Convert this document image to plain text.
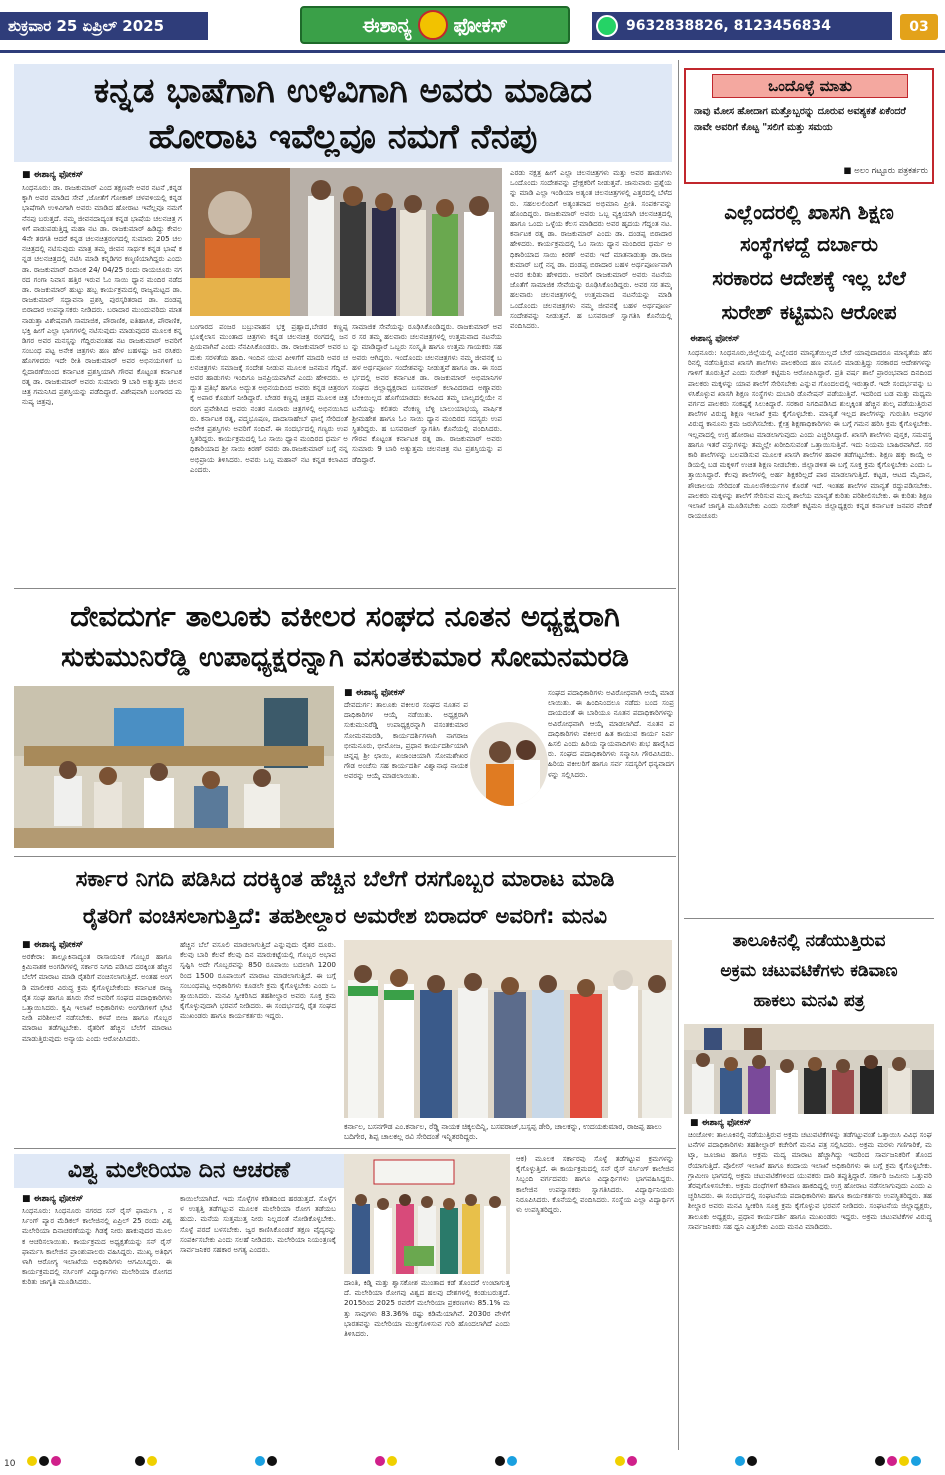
ಶುಕ್ರವಾರ 25 ಏಪ್ರಿಲ್ 2025	ಈಶಾನ್ಯ ಫೋಕಸ್	9632838826, 8123456834	03
ಕನ್ನಡ ಭಾಷೆಗಾಗಿ ಉಳಿವಿಗಾಗಿ ಅವರು ಮಾಡಿದ
ಹೋರಾಟ ಇವೆಲ್ಲವೂ ನಮಗೆ ನೆನಪು
■ ಈಶಾನ್ಯ ಫೋಕಸ್
ಸಿಂಧನೂರು: ಡಾ. ರಾಜಕುಮಾರ್ ಎಂದ ತಕ್ಷಣವೇ ಅವರ ನಟನೆ ,ಕನ್ನಡಕ್ಕಾಗಿ ಅವರ ಮಾಡಿದ ಸೇವೆ ,ಜೋತೆಗೆ ಗೋಕಾಕ್ ಚಳವಳಿಯಲ್ಲಿ ಕನ್ನಡ ಭಾಷೆಗಾಗಿ ಉಳಿವಿಗಾಗಿ ಅವರು ಮಾಡಿದ ಹೋರಾಟ ಇವೆಲ್ಲವೂ ನಮಗೆ ನೆನಪು ಬರುತ್ತದೆ. ನಮ್ಮ ಜೀವನದಾದ್ಯಂತ ಕನ್ನಡ ಭಾಷೆಯ ಚಲನಚಿತ್ರ ಗಳಿಗೆ ಪಾಡುಪಡುತ್ತಿದ್ದ ಮಹಾ ನಟ ಡಾ. ರಾಜಕುಮಾರ್ ಹಿಡಿದ್ದು ಕೇವಲ 4ನೇ ತರಗತಿ ಆದರೆ ಕನ್ನಡ ಚಲನಚಿತ್ರರಂಗದಲ್ಲಿ ಸುಮಾರು 205 ಚಲನಚಿತ್ರದಲ್ಲಿ ನಟಿಸುವುದು ಮಾತ್ರ ತಮ್ಮ ಜೀವನ ಸಾರ್ಥಕ ಕನ್ನಡ ಭಾಷೆ ಕನ್ನಡ ಚಲನಚಿತ್ರದಲ್ಲಿ ನಟಿಸಿ ಮಾಡಿ ಕನ್ನಡಿಗರ ಕಣ್ಮಣಿಯಾಗಿದ್ದರು ಎಂದು ಡಾ. ರಾಜಕುಮಾರ್ ದಿನಾಂಕ 24/ 04/25 ರಂದು ರಾಯಚೂರು ನಗರದ ಗಂಗಾ ನಿವಾಸ ಹತ್ತಿರ ಇರುವ ಓಂ ಸಾಯಿ ಧ್ಯಾನ ಮಂದಿರ ನಡೆದ ಡಾ. ರಾಜಕುಮಾರ್ ಹುಟ್ಟು ಹಬ್ಬ ಕಾರ್ಯಕ್ರಮದಲ್ಲಿ ರಾಜ್ಯಮಟ್ಟದ ಡಾ. ರಾಜಕುಮಾರ್ ಸದ್ಭಾವನಾ ಪ್ರಶಸ್ತಿ ಪುರಸ್ಕರಿತರಾದ ಡಾ. ದಂಡಪ್ಪ ಬಿರಾದಾರ ಉಪನ್ಯಾಸಕರು ನೀಡಿದರು. ಬರಾದಾರ ಮುಂದುವರಿದು ಮಾತನಾಡುತ್ತಾ ವಿಶೇಷವಾಗಿ ಸಾಮಾಜಿಕ, ಪೌರಾಣಿಕ, ಐತಿಹಾಸಿಕ, ಪೌರಾಣಿಕ, ಭಕ್ತಿ ಹೀಗೆ ಎಲ್ಲಾ ಭಾಗಗಳಲ್ಲಿ ನಟಿಸುವುದು ಮಾಡುವುದರ ಮೂಲಕ ಕನ್ನಡಿಗರ ಅವರ ಮನಸ್ಸನ್ನು ಗೆದ್ದಿರುವಂತಹ ನಟ ರಾಜಕುಮಾರ್ ಅವರಿಗೆ ಸಂಬಂಧ ಪಟ್ಟ ಅನೇಕ ಚಿತ್ರಗಳು ಹಣ ಹೇಳ ಬಹಳಷ್ಟು ಜನ ರಸಿಕರು ಹೊಗಳಿದರು ಇದೇ ರೀತಿ ರಾಜಕುಮಾರ್ ಅವರ ಅಭಿನಯಗಳಿಗೆ ಬಲ್ಲಿದಾರಣೆಯಿಂದ ಕರ್ನಾಟಕ ಪ್ರಶಸ್ತಿಯಾಗಿ ಗೌರವ ಕೊಟ್ಟಂತ ಕರ್ನಾಟಕ ರತ್ನ ಡಾ. ರಾಜಕುಮಾರ್ ಅವರು ಸುಮಾರು 9 ಬಾರಿ ಅತ್ಯುತ್ತಮ ಚಲನಚಿತ್ರ ಗಮನಿಸಿದ ಪ್ರಶಸ್ತಿಯನ್ನು ಪಡೆದಿದ್ದಾರೆ. ವಿಶೇಷವಾಗಿ ಬಂಗಾರದ ಮನುಷ್ಯ ಚಿತ್ರವು,
ಬಂಗಾರದ ಪಂಜರ ಬಬ್ರುವಾಹನ ಭಕ್ತ ಪ್ರಹ್ಲಾದ,ಬೇಡರ ಕಣ್ಣಪ್ಪ ಭೂಕೈಲಾಸ ಮುಂತಾದ ಚಿತ್ರಗಳು ಕನ್ನಡ ಚಲನಚಿತ್ರ ರಂಗದಲ್ಲಿ ಜನಪ್ರಿಯವಾಗಿವೆ ಎಂದು ನೆನಪಿಸಿಕೊಂಡರು. ಡಾ. ರಾಜಕುಮಾರ್ ಅವರ ಬದುಕು ಸರಳತೆಯ ಹಾದಿ. ಇಂದಿನ ಯುವ ಪೀಳಿಗೆಗೆ ಮಾದರಿ ಅವರ ಚಲನಚಿತ್ರಗಳು ಸಮಾಜಕ್ಕೆ ಸಂದೇಶ ನೀಡುವ ಮೂಲಕ ಜನಮನ ಗೆದ್ದಿವೆ. ಅವರ ಹಾಡುಗಳು ಇಂದಿಗೂ ಜನಪ್ರಿಯವಾಗಿವೆ ಎಂದು ಹೇಳಿದರು. ಅದ್ಭುತ ಪ್ರತಿಭೆ ಹಾಗೂ ಅದ್ಭುತ ಅಭಿನಯದಿಂದ ಅವರು ಕನ್ನಡ ಚಿತ್ರರಂಗಕ್ಕೆ ಅಪಾರ ಕೊಡುಗೆ ನೀಡಿದ್ದಾರೆ. ಬೇಡರ ಕಣ್ಣಪ್ಪ ಚಿತ್ರದ ಮೂಲಕ ಚಿತ್ರರಂಗ ಪ್ರವೇಶಿಸಿದ ಅವರು ನಂತರ ನೂರಾರು ಚಿತ್ರಗಳಲ್ಲಿ ಅಭಿನಯಿಸಿದರು. ಕರ್ನಾಟಕ ರತ್ನ, ಪದ್ಮಭೂಷಣ, ದಾದಾಸಾಹೇಬ್ ಫಾಲ್ಕೆ ಸೇರಿದಂತೆ ಅನೇಕ ಪ್ರಶಸ್ತಿಗಳು ಅವರಿಗೆ ಸಂದಿವೆ. ಈ ಸಂದರ್ಭದಲ್ಲಿ ಗಣ್ಯರು ಉಪಸ್ಥಿತರಿದ್ದರು. ಕಾರ್ಯಕ್ರಮದಲ್ಲಿ ಓಂ ಸಾಯಿ ಧ್ಯಾನ ಮಂದಿರದ ಧರ್ಮ ಅಧಿಕಾರಿಯಾದ ಶ್ರೀ ಸಾಯಿ ಕಿರಣ್ ರವರು ಡಾ.ರಾಜಕುಮಾರ್ ಬಗ್ಗೆ ನನ್ನ ಅಭಿಪ್ರಾಯ ತಿಳಿಸಿದರು. ಅವರು ಒಬ್ಬ ಮಹಾನ್ ನಟ ಕನ್ನಡ ಕಲಾವಿದ ಎಂದರು.
ಸಾಮಾಜಿಕ ಸೇವೆಯನ್ನು ರೂಢಿಸಿಕೊಂಡಿದ್ದರು. ರಾಜಕುಮಾರ್ ಅವರ ಸರ ತಮ್ಮ ಹಲವಾರು ಚಲನಚಿತ್ರಗಳಲ್ಲಿ ಉತ್ತಮವಾದ ನಟನೆಯನ್ನು ಮಾಡಿದ್ದಾರೆ ಒಬ್ಬರು ಸಂಸ್ಕೃತಿ ಹಾಗೂ ಉತ್ತಮ ಗಾಯಕರು ಸಹ ಅವರು ಆಗಿದ್ದರು. ಇಂದೊಂದು ಚಲನಚಿತ್ರಗಳು ನಮ್ಮ ಜೀವನಕ್ಕೆ ಬಹಳ ಅರ್ಥಪೂರ್ಣ ಸಂದೇಶವನ್ನು ನೀಡುತ್ತವೆ ಹಾಗೂ ಡಾ. ಈ ಸಂದರ್ಭದಲ್ಲಿ ಅವರ ಕರ್ನಾಟಕ ಡಾ. ರಾಜಕುಮಾರ್ ಅಭಿಮಾನಿಗಳ ಸಂಘದ ಜಿಲ್ಲಾಧ್ಯಕ್ಷರಾದ ಬಸವರಾಜ್ ಕಲಾವಿದರಾದ ಅಣ್ಣಾವರು ಬೆಂಕಿಯಿಲ್ಲದ ಹೊಗೆಯಾಡದು ಕಲಾವಿದ ತಮ್ಮ ಬಾಲ್ಯದಲ್ಲಿಯೇ ನಟನೆಯನ್ನು ಕಲಿತರು ವೆಂಕಣ್ಣ ಬೆಳ್ಳಿ ಬಾಲುಯಾಭಯ್ಯ ವಾರ್ಷಿಕ ಶ್ರೀಮಹೇಶ ಹಾಗೂ ಓಂ ಸಾಯಿ ಧ್ಯಾನ ಮಂದಿರದ ಸದಸ್ಯರು ಉಪಸ್ಥಿತರಿದ್ದರು. ಹ ಬಸವರಾಜ್ ಸ್ವಾಗತಿಸಿ ಕೊನೆಯಲ್ಲಿ ವಂದಿಸಿದರು. ಗೌರವ ಕೊಟ್ಟಂತ ಕರ್ನಾಟಕ ರತ್ನ ಡಾ. ರಾಜಕುಮಾರ್ ಅವರು ಸುಮಾರು 9 ಬಾರಿ ಅತ್ಯುತ್ತಮ ಚಲನಚಿತ್ರ ನಟ ಪ್ರಶಸ್ತಿಯನ್ನು ಪಡೆದಿದ್ದಾರೆ.
ಎರಡು ನಕ್ಷತ್ರ ಹೀಗೆ ಎಲ್ಲಾ ಚಲನಚಿತ್ರಗಳು ಮತ್ತು ಅವರ ಹಾಡುಗಳು ಒಂದೊಂದು ಸಂದೇಶವನ್ನು ಪ್ರೇಕ್ಷಕರಿಗೆ ನೀಡುತ್ತವೆ. ಜಾನುವಾರು ಪ್ರಶ್ನೆಯನ್ನು ಮಾಡಿ ಎಲ್ಲಾ ಇಂಡಿಯಾ ಅತ್ಯಂತ ಚಲನಚಿತ್ರಗಳಲ್ಲಿ ಎತ್ತರದಲ್ಲಿ ಬೆಳೆದರು. ಸಹಲಲಲಿಂದಿಗೆ ಅತ್ಯಂತವಾದ ಅಭಿಮಾನಿ ಪ್ರೀತಿ. ಸಂಪರ್ಕವನ್ನು ಹೊಂದಿದ್ದರು. ರಾಜಕುಮಾರ್ ಅವರು ಒಬ್ಬ ವ್ಯಕ್ತಿಯಾಗಿ ಚಲನಚಿತ್ರದಲ್ಲಿ ಹಾಗೂ ಒಂದು ಒಳ್ಳೆಯ ಕೆಲಸ ಮಾಡಿದರು ಅವರ ಹೃದಯ ಗೆದ್ದಂತ ನಟ. ಕರ್ನಾಟಕ ರತ್ನ ಡಾ. ರಾಜಕುಮಾರ್ ಎಂದು ಡಾ. ದಂಡಪ್ಪ ಬಿರಾದಾರ ಹೇಳಿದರು. ಕಾರ್ಯಕ್ರಮದಲ್ಲಿ ಓಂ ಸಾಯಿ ಧ್ಯಾನ ಮಂದಿರದ ಧರ್ಮ ಅಧಿಕಾರಿಯಾದ ಸಾಯಿ ಕಿರಣ್ ಅವರು ಇದೆ ಮಾತನಾಡುತ್ತಾ ಡಾ.ರಾಜಕುಮಾರ್ ಬಗ್ಗೆ ನನ್ನ ಡಾ. ದಂಡಪ್ಪ ಬಿರಾದಾರ ಬಹಳ ಅರ್ಥಪೂರ್ಣವಾಗಿ ಅವರ ಕುರಿತು ಹೇಳಿದರು. ಅವರಿಗೆ ರಾಜಕುಮಾರ್ ಅವರು ನಟನೆಯ ಜೊತೆಗೆ ಸಾಮಾಜಿಕ ಸೇವೆಯನ್ನು ರೂಢಿಸಿಕೊಂಡಿದ್ದರು. ಅವರ ಸರ ತಮ್ಮ ಹಲವಾರು ಚಲನಚಿತ್ರಗಳಲ್ಲಿ ಉತ್ತಮವಾದ ನಟನೆಯನ್ನು ಮಾಡಿ ಒಂದೊಂದು ಚಲನಚಿತ್ರಗಳು ನಮ್ಮ ಜೀವನಕ್ಕೆ ಬಹಳ ಅರ್ಥಪೂರ್ಣ ಸಂದೇಶವನ್ನು ನೀಡುತ್ತವೆ. ಹ ಬಸವರಾಜ್ ಸ್ವಾಗತಿಸಿ ಕೊನೆಯಲ್ಲಿ ವಂದಿಸಿದರು.
ಒಂದೊಳ್ಳೆ ಮಾತು
ನಾವು ಮೋಸ ಹೋದಾಗ ಮತ್ತೊಬ್ಬರನ್ನು ದೂರುವ ಅವಶ್ಯಕತೆ ಏಕೆಂದರೆ ನಾವೇ ಅವರಿಗೆ ಕೊಟ್ಟ "ಸಲಿಗೆ ಮತ್ತು ಸಮಯ
■ ಅಲಂ ಗಟ್ಟೂರು ಪತ್ರಕರ್ತರು
ಎಲ್ಲೆಂದರಲ್ಲಿ ಖಾಸಗಿ ಶಿಕ್ಷಣ
ಸಂಸ್ಥೆಗಳದ್ದೆ ದರ್ಬಾರು
ಸರಕಾರದ ಆದೇಶಕ್ಕೆ ಇಲ್ಲ ಬೆಲೆ
ಸುರೇಶ್ ಕಟ್ಟಿಮನಿ ಆರೋಪ
ಈಶಾನ್ಯ ಫೋಕಸ್
ಸಿಂಧನೂರು: ಸಿಂಧನೂರು,ಜಿಲ್ಲೆಯಲ್ಲಿ ಎಲ್ಲೆಂದರ ಮಾನ್ಯತೆಯಿಲ್ಲದೆ ಬೇರೆ ಯಾವುದಾದರೂ ಮಾನ್ಯತೆಯ ಹೆಸರಿನಲ್ಲಿ ನಡೆಸುತ್ತಿರುವ ಖಾಸಗಿ ಶಾಲೆಗಳು ಪಾಲಕರಿಂದ ಹಣ ವಸೂಲಿ ಮಾಡುತ್ತಿದ್ದು ಸರಕಾರದ ಆದೇಶಗಳನ್ನು ಗಾಳಿಗೆ ತೂರುತ್ತಿವೆ ಎಂದು ಸುರೇಶ್ ಕಟ್ಟಿಮನಿ ಆರೋಪಿಸಿದ್ದಾರೆ. ಪ್ರತಿ ವರ್ಷ ಶಾಲೆ ಪ್ರಾರಂಭವಾದ ದಿನದಿಂದ ಪಾಲಕರು ಮಕ್ಕಳನ್ನು ಯಾವ ಶಾಲೆಗೆ ಸೇರಿಸಬೇಕು ಎನ್ನುವ ಗೊಂದಲದಲ್ಲಿ ಇರುತ್ತಾರೆ. ಇದೇ ಸಂದರ್ಭವನ್ನು ಬಳಸಿಕೊಳ್ಳುವ ಖಾಸಗಿ ಶಿಕ್ಷಣ ಸಂಸ್ಥೆಗಳು ದುಬಾರಿ ಡೊನೇಷನ್ ಪಡೆಯುತ್ತಿವೆ. ಇದರಿಂದ ಬಡ ಮತ್ತು ಮಧ್ಯಮ ವರ್ಗದ ಪಾಲಕರು ಸಂಕಷ್ಟಕ್ಕೆ ಸಿಲುಕಿದ್ದಾರೆ. ಸರಕಾರ ನಿಗದಿಪಡಿಸಿದ ಶುಲ್ಕಕ್ಕಿಂತ ಹೆಚ್ಚಿನ ಶುಲ್ಕ ಪಡೆಯುತ್ತಿರುವ ಶಾಲೆಗಳ ವಿರುದ್ಧ ಶಿಕ್ಷಣ ಇಲಾಖೆ ಕ್ರಮ ಕೈಗೊಳ್ಳಬೇಕು. ಮಾನ್ಯತೆ ಇಲ್ಲದ ಶಾಲೆಗಳನ್ನು ಗುರುತಿಸಿ ಅವುಗಳ ವಿರುದ್ಧ ಕಾನೂನು ಕ್ರಮ ಜರುಗಿಸಬೇಕು. ಕ್ಷೇತ್ರ ಶಿಕ್ಷಣಾಧಿಕಾರಿಗಳು ಈ ಬಗ್ಗೆ ಗಮನ ಹರಿಸಿ ಕ್ರಮ ಕೈಗೊಳ್ಳಬೇಕು. ಇಲ್ಲವಾದಲ್ಲಿ ಉಗ್ರ ಹೋರಾಟ ಮಾಡಲಾಗುವುದು ಎಂದು ಎಚ್ಚರಿಸಿದ್ದಾರೆ. ಖಾಸಗಿ ಶಾಲೆಗಳು ಪುಸ್ತಕ, ಸಮವಸ್ತ್ರ ಹಾಗೂ ಇತರೆ ವಸ್ತುಗಳನ್ನು ತಮ್ಮಲ್ಲೇ ಖರೀದಿಸುವಂತೆ ಒತ್ತಾಯಿಸುತ್ತಿವೆ. ಇದು ನಿಯಮ ಬಾಹಿರವಾಗಿದೆ. ಸರಕಾರಿ ಶಾಲೆಗಳನ್ನು ಬಲಪಡಿಸುವ ಮೂಲಕ ಖಾಸಗಿ ಶಾಲೆಗಳ ಹಾವಳಿ ತಡೆಗಟ್ಟಬೇಕು. ಶಿಕ್ಷಣ ಹಕ್ಕು ಕಾಯ್ದೆ ಅಡಿಯಲ್ಲಿ ಬಡ ಮಕ್ಕಳಿಗೆ ಉಚಿತ ಶಿಕ್ಷಣ ನೀಡಬೇಕು. ಜಿಲ್ಲಾಡಳಿತ ಈ ಬಗ್ಗೆ ಸೂಕ್ತ ಕ್ರಮ ಕೈಗೊಳ್ಳಬೇಕು ಎಂದು ಒತ್ತಾಯಿಸಿದ್ದಾರೆ. ಕೆಲವು ಶಾಲೆಗಳಲ್ಲಿ ಅರ್ಹ ಶಿಕ್ಷಕರಿಲ್ಲದೆ ಪಾಠ ಮಾಡಲಾಗುತ್ತಿದೆ. ಕಟ್ಟಡ, ಆಟದ ಮೈದಾನ, ಶೌಚಾಲಯ ಸೇರಿದಂತೆ ಮೂಲಸೌಕರ್ಯಗಳ ಕೊರತೆ ಇದೆ. ಇಂತಹ ಶಾಲೆಗಳ ಮಾನ್ಯತೆ ರದ್ದುಪಡಿಸಬೇಕು. ಪಾಲಕರು ಮಕ್ಕಳನ್ನು ಶಾಲೆಗೆ ಸೇರಿಸುವ ಮುನ್ನ ಶಾಲೆಯ ಮಾನ್ಯತೆ ಕುರಿತು ಪರಿಶೀಲಿಸಬೇಕು. ಈ ಕುರಿತು ಶಿಕ್ಷಣ ಇಲಾಖೆ ಜಾಗೃತಿ ಮೂಡಿಸಬೇಕು ಎಂದು ಸುರೇಶ್ ಕಟ್ಟಿಮನಿ ಜಿಲ್ಲಾಧ್ಯಕ್ಷರು ಕನ್ನಡ ಕರ್ನಾಟಕ ಜನಪರ ವೇದಿಕೆ ರಾಯಚೂರು
ದೇವದುರ್ಗ ತಾಲೂಕು ವಕೀಲರ ಸಂಘದ ನೂತನ ಅಧ್ಯಕ್ಷರಾಗಿ
ಸುಕುಮುನಿರೆಡ್ಡಿ ಉಪಾಧ್ಯಕ್ಷರನ್ನಾಗಿ ವಸಂತಕುಮಾರ ಸೋಮನಮರಡಿ
■ ಈಶಾನ್ಯ ಫೋಕಸ್
ದೇವದುರ್ಗ: ತಾಲೂಕು ವಕೀಲರ ಸಂಘದ ನೂತನ ಪದಾಧಿಕಾರಿಗಳ ಆಯ್ಕೆ ನಡೆಯಿತು. ಅಧ್ಯಕ್ಷರಾಗಿ ಸುಕುಮುನಿರೆಡ್ಡಿ ಉಪಾಧ್ಯಕ್ಷರನ್ನಾಗಿ ವಸಂತಕುಮಾರ ಸೋಮನಮರಡಿ, ಕಾರ್ಯದರ್ಶಿಗಳಾಗಿ ನಾಗರಾಜ ಭೀಮನೂರು, ಭೀಮೋಜ, ಪ್ರಧಾನ ಕಾರ್ಯದರ್ಶಿಯಾಗಿ ಚಿನ್ನಪ್ಪ ಶ್ರೀ ಛಾಯಿ, ಖಜಾಂಚಿಯಾಗಿ ಸೋಮಶೇಖರ ಗೌಡ ಅಂಚೆಸು ಸಹ ಕಾರ್ಯದರ್ಶಿ ವಿಶ್ವಾನಾಥ ನಾಯಕ ಅವರನ್ನು ಆಯ್ಕೆ ಮಾಡಲಾಯಿತು.
ಸಂಘದ ಪದಾಧಿಕಾರಿಗಳು ಅವಿರೋಧವಾಗಿ ಆಯ್ಕೆ ಮಾಡಲಾಯಿತು. ಈ ಹಿಂದಿನಿಂದಲೂ ನಡೆದು ಬಂದ ಸಂಪ್ರದಾಯದಂತೆ ಈ ಬಾರಿಯೂ ನೂತನ ಪದಾಧಿಕಾರಿಗಳನ್ನು ಅವಿರೋಧವಾಗಿ ಆಯ್ಕೆ ಮಾಡಲಾಗಿದೆ. ನೂತನ ಪದಾಧಿಕಾರಿಗಳು ವಕೀಲರ ಹಿತ ಕಾಯುವ ಕಾರ್ಯ ನಿರ್ವಹಿಸಲಿ ಎಂದು ಹಿರಿಯ ನ್ಯಾಯವಾದಿಗಳು ಶುಭ ಹಾರೈಸಿದರು. ಸಂಘದ ಪದಾಧಿಕಾರಿಗಳು ಸನ್ಮಾನಿಸಿ ಗೌರವಿಸಿದರು. ಹಿರಿಯ ವಕೀಲರಿಗೆ ಹಾಗೂ ಸರ್ವ ಸದಸ್ಯರಿಗೆ ಧನ್ಯವಾದಗಳನ್ನು ಸಲ್ಲಿಸಿದರು.
ಸರ್ಕಾರ ನಿಗದಿ ಪಡಿಸಿದ ದರಕ್ಕಿಂತ ಹೆಚ್ಚಿನ ಬೆಲೆಗೆ ರಸಗೊಬ್ಬರ ಮಾರಾಟ ಮಾಡಿ
ರೈತರಿಗೆ ವಂಚಿಸಲಾಗುತ್ತಿದೆ: ತಹಶೀಲ್ದಾರ ಅಮರೇಶ ಬಿರಾದರ್ ಅವರಿಗೆ: ಮನವಿ
■ ಈಶಾನ್ಯ ಫೋಕಸ್
ಅರಕೇರಾ: ತಾಲ್ಲೂಕಿನಾದ್ಯಂತ ರಾಸಾಯನಿಕ ಗೊಬ್ಬರ ಹಾಗೂ ಕ್ರಿಮಿನಾಶಕ ಅಂಗಡಿಗಳಲ್ಲಿ ಸರ್ಕಾರ ನಿಗದಿ ಪಡಿಸಿದ ದರಕ್ಕಿಂತ ಹೆಚ್ಚಿನ ಬೆಲೆಗೆ ಮಾರಾಟ ಮಾಡಿ ರೈತರಿಗೆ ವಂಚಿಸಲಾಗುತ್ತಿದೆ. ಅಂತಹ ಅಂಗಡಿ ಮಾಲೀಕರ ವಿರುದ್ಧ ಕ್ರಮ ಕೈಗೊಳ್ಳಬೇಕೆಂದು ಕರ್ನಾಟಕ ರಾಜ್ಯ ರೈತ ಸಂಘ ಹಾಗೂ ಹಸಿರು ಸೇನೆ ಅವರಿಗೆ ಸಂಘದ ಪದಾಧಿಕಾರಿಗಳು ಒತ್ತಾಯಿಸಿದರು. ಕೃಷಿ ಇಲಾಖೆ ಅಧಿಕಾರಿಗಳು ಅಂಗಡಿಗಳಿಗೆ ಭೇಟಿ ನೀಡಿ ಪರಿಶೀಲನೆ ನಡೆಸಬೇಕು. ಕಳಪೆ ಬೀಜ ಹಾಗೂ ಗೊಬ್ಬರ ಮಾರಾಟ ತಡೆಗಟ್ಟಬೇಕು. ರೈತರಿಗೆ ಹೆಚ್ಚಿನ ಬೆಲೆಗೆ ಮಾರಾಟ ಮಾಡುತ್ತಿರುವುದು ಅನ್ಯಾಯ ಎಂದು ಆರೋಪಿಸಿದರು.
ಹೆಚ್ಚಿನ ಬೆಲೆ ವಸೂಲಿ ಮಾಡಲಾಗುತ್ತಿದೆ ಎನ್ನುವುದು ರೈತರ ದೂರು. ಕೆಲವು ಬಾರಿ ಕೆಲವೆ ಕೆಲವು ದಿನ ಮಾರುಕಟ್ಟೆಯಲ್ಲಿ ಗೊಬ್ಬರ ಅಭಾವ ಸೃಷ್ಟಿಸಿ ಅದೇ ಗೊಬ್ಬರವನ್ನು 850 ರೂಪಾಯಿ ಬದಲಾಗಿ 1200 ರಿಂದ 1500 ರೂಪಾಯಿಗೆ ಮಾರಾಟ ಮಾಡಲಾಗುತ್ತಿದೆ. ಈ ಬಗ್ಗೆ ಸಂಬಂಧಪಟ್ಟ ಅಧಿಕಾರಿಗಳು ಕೂಡಲೇ ಕ್ರಮ ಕೈಗೊಳ್ಳಬೇಕು ಎಂದು ಒತ್ತಾಯಿಸಿದರು. ಮನವಿ ಸ್ವೀಕರಿಸಿದ ತಹಶೀಲ್ದಾರ ಅವರು ಸೂಕ್ತ ಕ್ರಮ ಕೈಗೊಳ್ಳುವುದಾಗಿ ಭರವಸೆ ನೀಡಿದರು. ಈ ಸಂದರ್ಭದಲ್ಲಿ ರೈತ ಸಂಘದ ಮುಖಂಡರು ಹಾಗೂ ಕಾರ್ಯಕರ್ತರು ಇದ್ದರು.
ಕರ್ನಾಲ, ಬಸನಗೌಡ ಎಂ.ಕರ್ನಾಲ, ರೆಡ್ಡಿ ನಾಯಕ ಚಿಕ್ಕಲದಿನ್ನಿ, ಬಸವರಾಜ್,ಬಸ್ಸಪ್ಪ ಡೇರಿ, ಚಾಲಕನ್ನು, ಉದಯಕುಮಾರ, ರಾಜಪ್ಪ ಹಾಲು ಬದಿಗೇರ, ಶಿಪ್ಪ ಚಾಲಕಲ್ಲ ರವಿ ಸೇರಿದಂತೆ ಇನ್ನಿತರರಿದ್ದರು.
ತಾಲೂಕಿನಲ್ಲಿ ನಡೆಯುತ್ತಿರುವ
ಅಕ್ರಮ ಚಟುವಟಿಕೆಗಳು ಕಡಿವಾಣ
ಹಾಕಲು ಮನವಿ ಪತ್ರ
■ ಈಶಾನ್ಯ ಫೋಕಸ್
ಚಿಂಚೋಳಿ: ತಾಲೂಕಿನಲ್ಲಿ ನಡೆಯುತ್ತಿರುವ ಅಕ್ರಮ ಚಟುವಟಿಕೆಗಳನ್ನು ತಡೆಗಟ್ಟುವಂತೆ ಒತ್ತಾಯಿಸಿ ವಿವಿಧ ಸಂಘಟನೆಗಳ ಪದಾಧಿಕಾರಿಗಳು ತಹಶೀಲ್ದಾರ್ ಕಚೇರಿಗೆ ಮನವಿ ಪತ್ರ ಸಲ್ಲಿಸಿದರು. ಅಕ್ರಮ ಮರಳು ಗಣಿಗಾರಿಕೆ, ಮಟ್ಕಾ, ಜೂಜಾಟ ಹಾಗೂ ಅಕ್ರಮ ಮದ್ಯ ಮಾರಾಟ ಹೆಚ್ಚಾಗಿದ್ದು ಇದರಿಂದ ಸಾರ್ವಜನಿಕರಿಗೆ ತೊಂದರೆಯಾಗುತ್ತಿದೆ. ಪೊಲೀಸ್ ಇಲಾಖೆ ಹಾಗೂ ಕಂದಾಯ ಇಲಾಖೆ ಅಧಿಕಾರಿಗಳು ಈ ಬಗ್ಗೆ ಕ್ರಮ ಕೈಗೊಳ್ಳಬೇಕು. ಗ್ರಾಮೀಣ ಭಾಗದಲ್ಲಿ ಅಕ್ರಮ ಚಟುವಟಿಕೆಗಳಿಂದ ಯುವಕರು ದಾರಿ ತಪ್ಪುತ್ತಿದ್ದಾರೆ. ಸರ್ಕಾರಿ ಜಮೀನು ಒತ್ತುವರಿ ತೆರವುಗೊಳಿಸಬೇಕು. ಅಕ್ರಮ ದಂಧೆಗಳಿಗೆ ಕಡಿವಾಣ ಹಾಕದಿದ್ದಲ್ಲಿ ಉಗ್ರ ಹೋರಾಟ ನಡೆಸಲಾಗುವುದು ಎಂದು ಎಚ್ಚರಿಸಿದರು. ಈ ಸಂದರ್ಭದಲ್ಲಿ ಸಂಘಟನೆಯ ಪದಾಧಿಕಾರಿಗಳು ಹಾಗೂ ಕಾರ್ಯಕರ್ತರು ಉಪಸ್ಥಿತರಿದ್ದರು. ತಹಶೀಲ್ದಾರ ಅವರು ಮನವಿ ಸ್ವೀಕರಿಸಿ ಸೂಕ್ತ ಕ್ರಮ ಕೈಗೊಳ್ಳುವ ಭರವಸೆ ನೀಡಿದರು. ಸಂಘಟನೆಯ ಜಿಲ್ಲಾಧ್ಯಕ್ಷರು, ತಾಲೂಕು ಅಧ್ಯಕ್ಷರು, ಪ್ರಧಾನ ಕಾರ್ಯದರ್ಶಿ ಹಾಗೂ ಮುಖಂಡರು ಇದ್ದರು. ಅಕ್ರಮ ಚಟುವಟಿಕೆಗಳ ವಿರುದ್ಧ ಸಾರ್ವಜನಿಕರು ಸಹ ಧ್ವನಿ ಎತ್ತಬೇಕು ಎಂದು ಮನವಿ ಮಾಡಿದರು.
ವಿಶ್ವ ಮಲೇರಿಯಾ ದಿನ ಆಚರಣೆ
■ ಈಶಾನ್ಯ ಫೋಕಸ್
ಸಿಂಧನೂರು: ಸಿಂಧನೂರು ನಗರದ ಸನ್ ರೈಸ್ ಫಾರ್ಮಸಿ , ನರ್ಸಿಂಗ್ ಪ್ಯಾರ ಮೆಡಿಕಲ್ ಕಾಲೇಜಿನಲ್ಲಿ ಏಪ್ರಿಲ್ 25 ರಂದು ವಿಶ್ವ ಮಲೇರಿಯಾ ದಿನಾಚರಣೆಯನ್ನು ಗಿಡಕ್ಕೆ ನೀರು ಹಾಕುವುದರ ಮೂಲಕ ಆಚರಿಸಲಾಯಿತು. ಕಾರ್ಯಕ್ರಮದ ಅಧ್ಯಕ್ಷತೆಯನ್ನು ಸನ್ ರೈಸ್ ಫಾರ್ಮಸಿ ಕಾಲೇಜಿನ ಪ್ರಾಂಶುಪಾಲರು ವಹಿಸಿದ್ದರು. ಮುಖ್ಯ ಅತಿಥಿಗಳಾಗಿ ಆರೋಗ್ಯ ಇಲಾಖೆಯ ಅಧಿಕಾರಿಗಳು ಆಗಮಿಸಿದ್ದರು. ಈ ಕಾರ್ಯಕ್ರಮದಲ್ಲಿ ನರ್ಸಿಂಗ್ ವಿದ್ಯಾರ್ಥಿಗಳು ಮಲೇರಿಯಾ ರೋಗದ ಕುರಿತು ಜಾಗೃತಿ ಮೂಡಿಸಿದರು.
ಕಾಯಿಲೆಯಾಗಿದೆ. ಇದು ಸೊಳ್ಳೆಗಳ ಕಡಿತದಿಂದ ಹರಡುತ್ತದೆ. ಸೊಳ್ಳೆಗಳ ಉತ್ಪತ್ತಿ ತಡೆಗಟ್ಟುವ ಮೂಲಕ ಮಲೇರಿಯಾ ರೋಗ ತಡೆಯಬಹುದು. ಮನೆಯ ಸುತ್ತಮುತ್ತ ನೀರು ನಿಲ್ಲದಂತೆ ನೋಡಿಕೊಳ್ಳಬೇಕು. ಸೊಳ್ಳೆ ಪರದೆ ಬಳಸಬೇಕು. ಜ್ವರ ಕಾಣಿಸಿಕೊಂಡರೆ ತಕ್ಷಣ ವೈದ್ಯರನ್ನು ಸಂಪರ್ಕಿಸಬೇಕು ಎಂದು ಸಲಹೆ ನೀಡಿದರು. ಮಲೇರಿಯಾ ನಿಯಂತ್ರಣಕ್ಕೆ ಸಾರ್ವಜನಿಕರ ಸಹಕಾರ ಅಗತ್ಯ ಎಂದರು.
ದಾಂತಿ, ಕಿಡ್ನಿ ಮತ್ತು ಶ್ವಾಸಕೋಶ ಮುಂತಾದ ಕಡೆ ತೊಂದರೆ ಉಂಟಾಗುತ್ತದೆ. ಮಲೇರಿಯಾ ರೋಗವು ವಿಶ್ವದ ಹಲವು ದೇಶಗಳಲ್ಲಿ ಕಂಡುಬರುತ್ತದೆ. 2015ರಿಂದ 2025 ರವರೆಗೆ ಮಲೇರಿಯಾ ಪ್ರಕರಣಗಳು 85.1% ಮತ್ತು ಸಾವುಗಳು 83.36% ರಷ್ಟು ಕಡಿಮೆಯಾಗಿವೆ. 2030ರ ವೇಳೆಗೆ ಭಾರತವನ್ನು ಮಲೇರಿಯಾ ಮುಕ್ತಗೊಳಿಸುವ ಗುರಿ ಹೊಂದಲಾಗಿದೆ ಎಂದು ತಿಳಿಸಿದರು.
ಆಕ) ಮೂಲಕ ಸರ್ಕಾರವು ಸೊಳ್ಳೆ ತಡೆಗಟ್ಟುವ ಕ್ರಮಗಳನ್ನು ಕೈಗೊಳ್ಳುತ್ತಿದೆ. ಈ ಕಾರ್ಯಕ್ರಮದಲ್ಲಿ ಸನ್ ರೈಸ್ ನರ್ಸಿಂಗ್ ಕಾಲೇಜಿನ ಸಿಬ್ಬಂದಿ ವರ್ಗದವರು ಹಾಗೂ ವಿದ್ಯಾರ್ಥಿಗಳು ಭಾಗವಹಿಸಿದ್ದರು. ಕಾಲೇಜಿನ ಉಪನ್ಯಾಸಕರು ಸ್ವಾಗತಿಸಿದರು. ವಿದ್ಯಾರ್ಥಿನಿಯರು ನಿರೂಪಿಸಿದರು. ಕೊನೆಯಲ್ಲಿ ವಂದಿಸಿದರು. ಸಂಸ್ಥೆಯ ಎಲ್ಲಾ ವಿದ್ಯಾರ್ಥಿಗಳು ಉಪಸ್ಥಿತರಿದ್ದರು.
10
